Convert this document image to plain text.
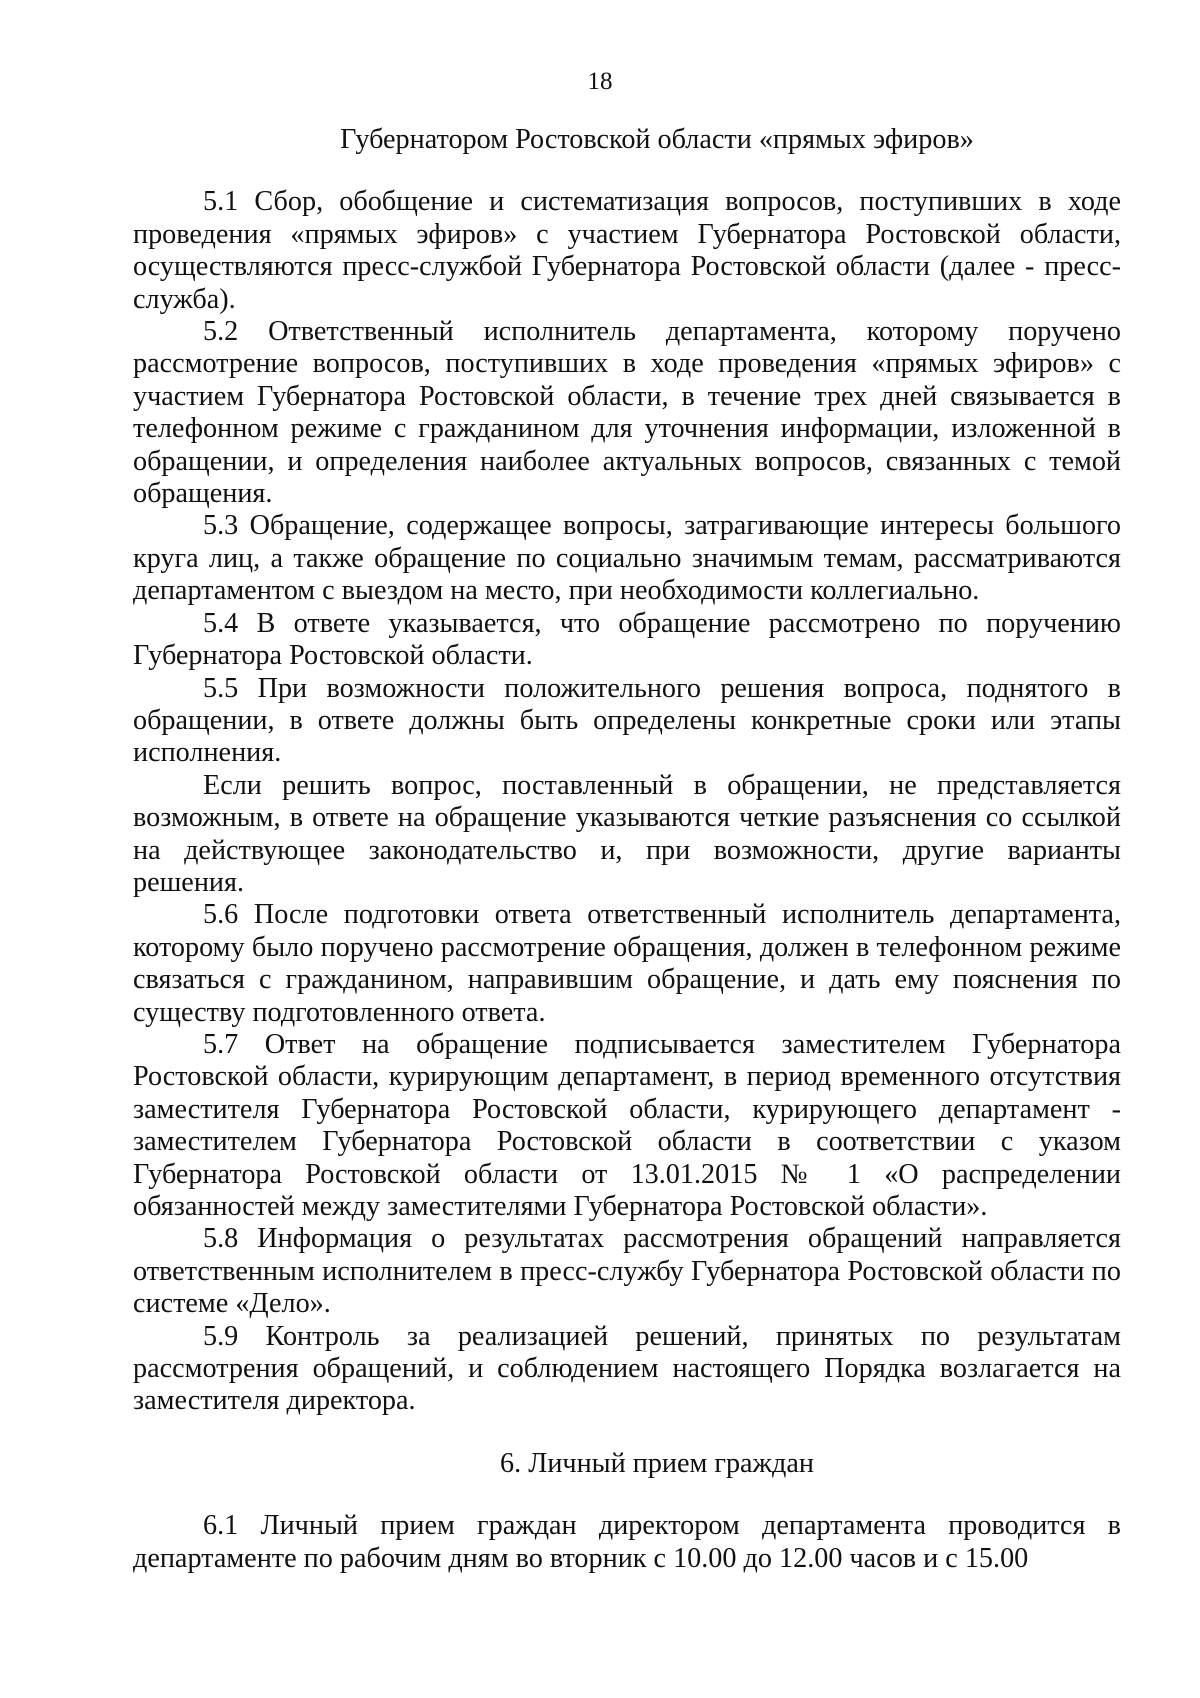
18
Губернатором Ростовской области «прямых эфиров»

5.1 Сбор, обобщение и систематизация вопросов, поступивших в ходе проведения «прямых эфиров» с участием Губернатора Ростовской области, осуществляются пресс-службой Губернатора Ростовской области (далее - пресс-служба).

5.2 Ответственный исполнитель департамента, которому поручено рассмотрение вопросов, поступивших в ходе проведения «прямых эфиров» с участием Губернатора Ростовской области, в течение трех дней связывается в телефонном режиме с гражданином для уточнения информации, изложенной в обращении, и определения наиболее актуальных вопросов, связанных с темой обращения.

5.3 Обращение, содержащее вопросы, затрагивающие интересы большого круга лиц, а также обращение по социально значимым темам, рассматриваются департаментом с выездом на место, при необходимости коллегиально.

5.4 В ответе указывается, что обращение рассмотрено по поручению Губернатора Ростовской области.

5.5 При возможности положительного решения вопроса, поднятого в обращении, в ответе должны быть определены конкретные сроки или этапы исполнения.

Если решить вопрос, поставленный в обращении, не представляется возможным, в ответе на обращение указываются четкие разъяснения со ссылкой на действующее законодательство и, при возможности, другие варианты решения.

5.6 После подготовки ответа ответственный исполнитель департамента, которому было поручено рассмотрение обращения, должен в телефонном режиме связаться с гражданином, направившим обращение, и дать ему пояснения по существу подготовленного ответа.

5.7 Ответ на обращение подписывается заместителем Губернатора Ростовской области, курирующим департамент, в период временного отсутствия заместителя Губернатора Ростовской области, курирующего департамент - заместителем Губернатора Ростовской области в соответствии с указом Губернатора Ростовской области от 13.01.2015 № 1 «О распределении обязанностей между заместителями Губернатора Ростовской области».

5.8 Информация о результатах рассмотрения обращений направляется ответственным исполнителем в пресс-службу Губернатора Ростовской области по системе «Дело».

5.9 Контроль за реализацией решений, принятых по результатам рассмотрения обращений, и соблюдением настоящего Порядка возлагается на заместителя директора.

6. Личный прием граждан

6.1 Личный прием граждан директором департамента проводится в департаменте по рабочим дням во вторник с 10.00 до 12.00 часов и с 15.00
